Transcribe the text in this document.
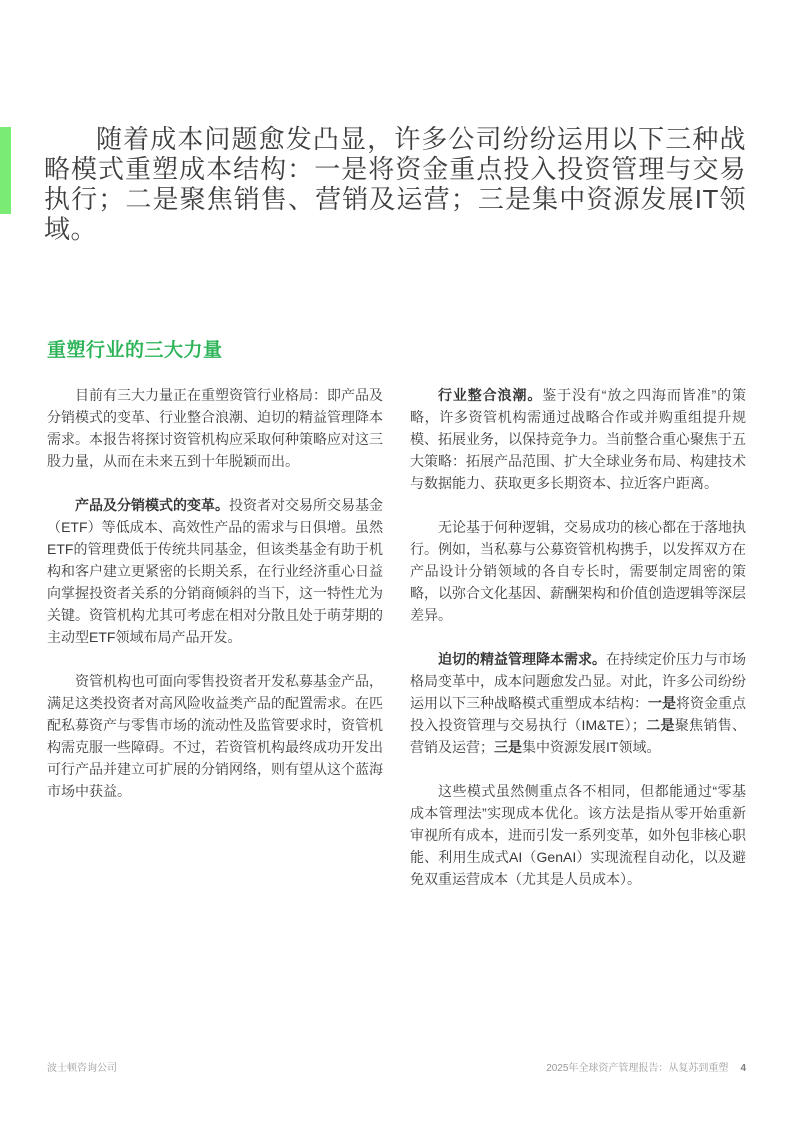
随着成本问题愈发凸显，许多公司纷纷运用以下三种战略模式重塑成本结构：一是将资金重点投入投资管理与交易执行；二是聚焦销售、营销及运营；三是集中资源发展IT领域。

重塑行业的三大力量

目前有三大力量正在重塑资管行业格局：即产品及分销模式的变革、行业整合浪潮、迫切的精益管理降本需求。本报告将探讨资管机构应采取何种策略应对这三股力量，从而在未来五到十年脱颖而出。

产品及分销模式的变革。投资者对交易所交易基金（ETF）等低成本、高效性产品的需求与日俱增。虽然ETF的管理费低于传统共同基金，但该类基金有助于机构和客户建立更紧密的长期关系，在行业经济重心日益向掌握投资者关系的分销商倾斜的当下，这一特性尤为关键。资管机构尤其可考虑在相对分散且处于萌芽期的主动型ETF领域布局产品开发。

资管机构也可面向零售投资者开发私募基金产品，满足这类投资者对高风险收益类产品的配置需求。在匹配私募资产与零售市场的流动性及监管要求时，资管机构需克服一些障碍。不过，若资管机构最终成功开发出可行产品并建立可扩展的分销网络，则有望从这个蓝海市场中获益。

行业整合浪潮。鉴于没有“放之四海而皆准”的策略，许多资管机构需通过战略合作或并购重组提升规模、拓展业务，以保持竞争力。当前整合重心聚焦于五大策略：拓展产品范围、扩大全球业务布局、构建技术与数据能力、获取更多长期资本、拉近客户距离。

无论基于何种逻辑，交易成功的核心都在于落地执行。例如，当私募与公募资管机构携手，以发挥双方在产品设计分销领域的各自专长时，需要制定周密的策略，以弥合文化基因、薪酬架构和价值创造逻辑等深层差异。

迫切的精益管理降本需求。在持续定价压力与市场格局变革中，成本问题愈发凸显。对此，许多公司纷纷运用以下三种战略模式重塑成本结构：一是将资金重点投入投资管理与交易执行（IM&TE）；二是聚焦销售、营销及运营；三是集中资源发展IT领域。

这些模式虽然侧重点各不相同，但都能通过“零基成本管理法”实现成本优化。该方法是指从零开始重新审视所有成本，进而引发一系列变革，如外包非核心职能、利用生成式AI（GenAI）实现流程自动化，以及避免双重运营成本（尤其是人员成本）。

波士顿咨询公司	2025年全球资产管理报告：从复苏到重塑 4
